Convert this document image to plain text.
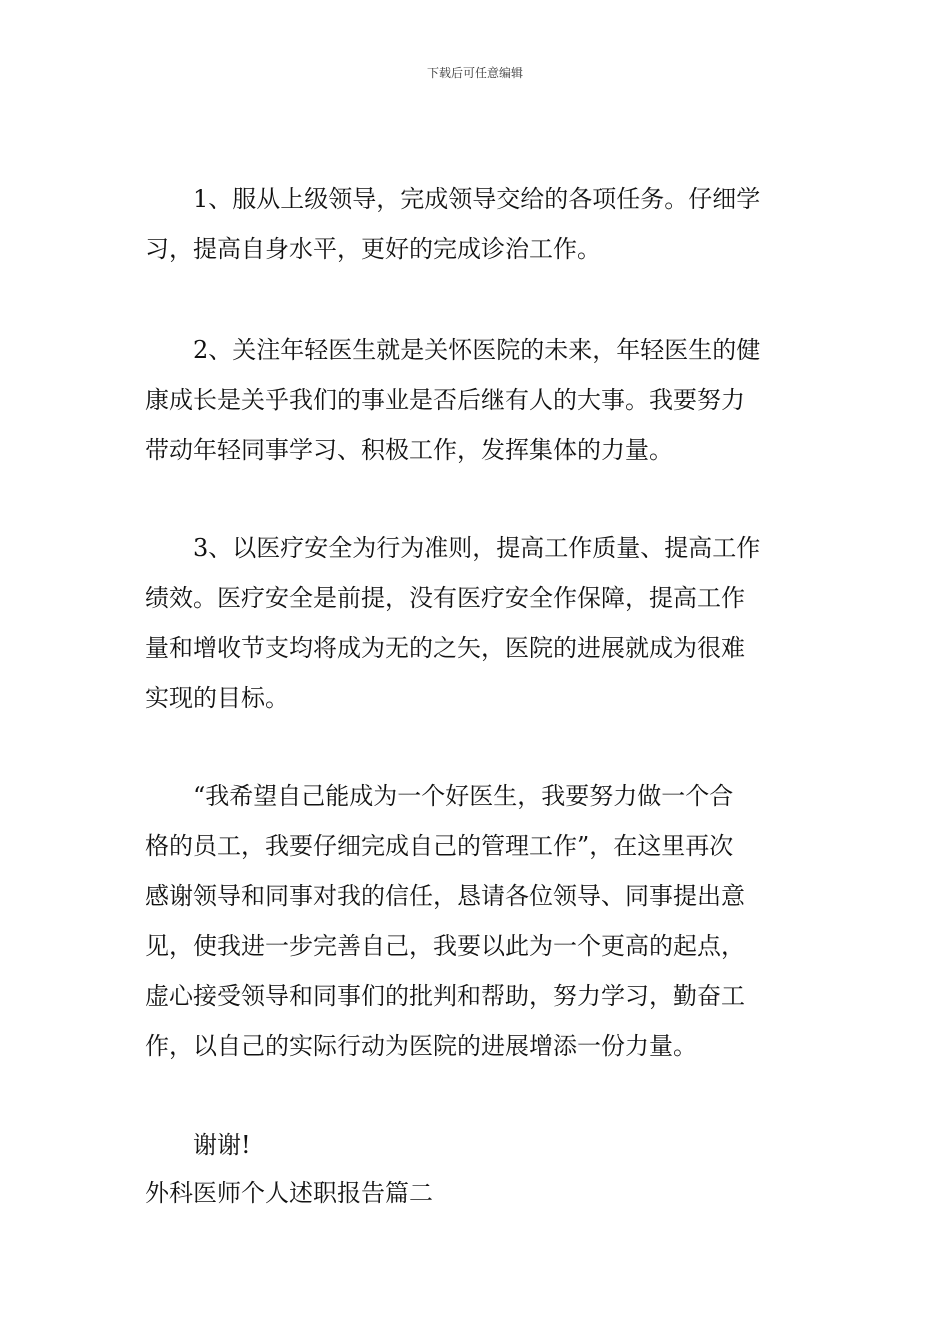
下载后可任意编辑
1、服从上级领导，完成领导交给的各项任务。仔细学
习，提高自身水平，更好的完成诊治工作。
2、关注年轻医生就是关怀医院的未来，年轻医生的健
康成长是关乎我们的事业是否后继有人的大事。我要努力
带动年轻同事学习、积极工作，发挥集体的力量。
3、以医疗安全为行为准则，提高工作质量、提高工作
绩效。医疗安全是前提，没有医疗安全作保障，提高工作
量和增收节支均将成为无的之矢，医院的进展就成为很难
实现的目标。
“我希望自己能成为一个好医生，我要努力做一个合
格的员工，我要仔细完成自己的管理工作”，在这里再次
感谢领导和同事对我的信任，恳请各位领导、同事提出意
见，使我进一步完善自己，我要以此为一个更高的起点，
虚心接受领导和同事们的批判和帮助，努力学习，勤奋工
作，以自己的实际行动为医院的进展增添一份力量。
谢谢!
外科医师个人述职报告篇二
